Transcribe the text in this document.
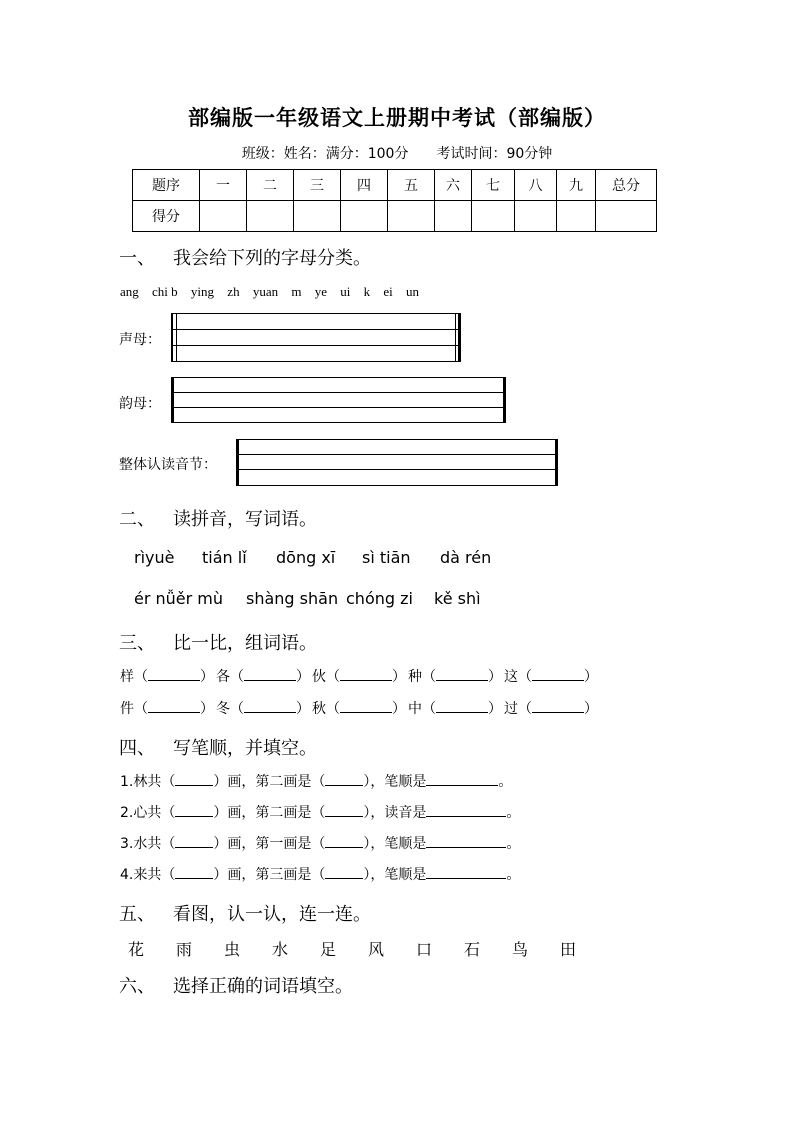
部编版一年级语文上册期中考试（部编版）
班级：姓名：满分：100分　　考试时间：90分钟
题序	一	二	三	四	五	六	七	八	九	总分
得分										
一、 我会给下列的字母分类。
ang chi b ying zh yuan m ye ui k ei un
声母：
韵母：
整体认读音节：
二、 读拼音，写词语。
rìyuè tián lǐ dōng xī sì tiān dà rén
ér nǚěr mù shàng shān chóng zi kě shì
三、 比一比，组词语。
样（	） 各（	） 伙（	） 种（	） 这（	）
件（	） 冬（	） 秋（	） 中（	） 过（	）
四、 写笔顺，并填空。
1.林共（	）画，第二画是（	），笔顺是	。
2.心共（	）画，第二画是（	），读音是	。
3.水共（	）画，第一画是（	），笔顺是	。
4.来共（	）画，第三画是（	），笔顺是	。
五、 看图，认一认，连一连。
花 雨 虫 水 足 风 口 石 鸟 田
六、 选择正确的词语填空。
